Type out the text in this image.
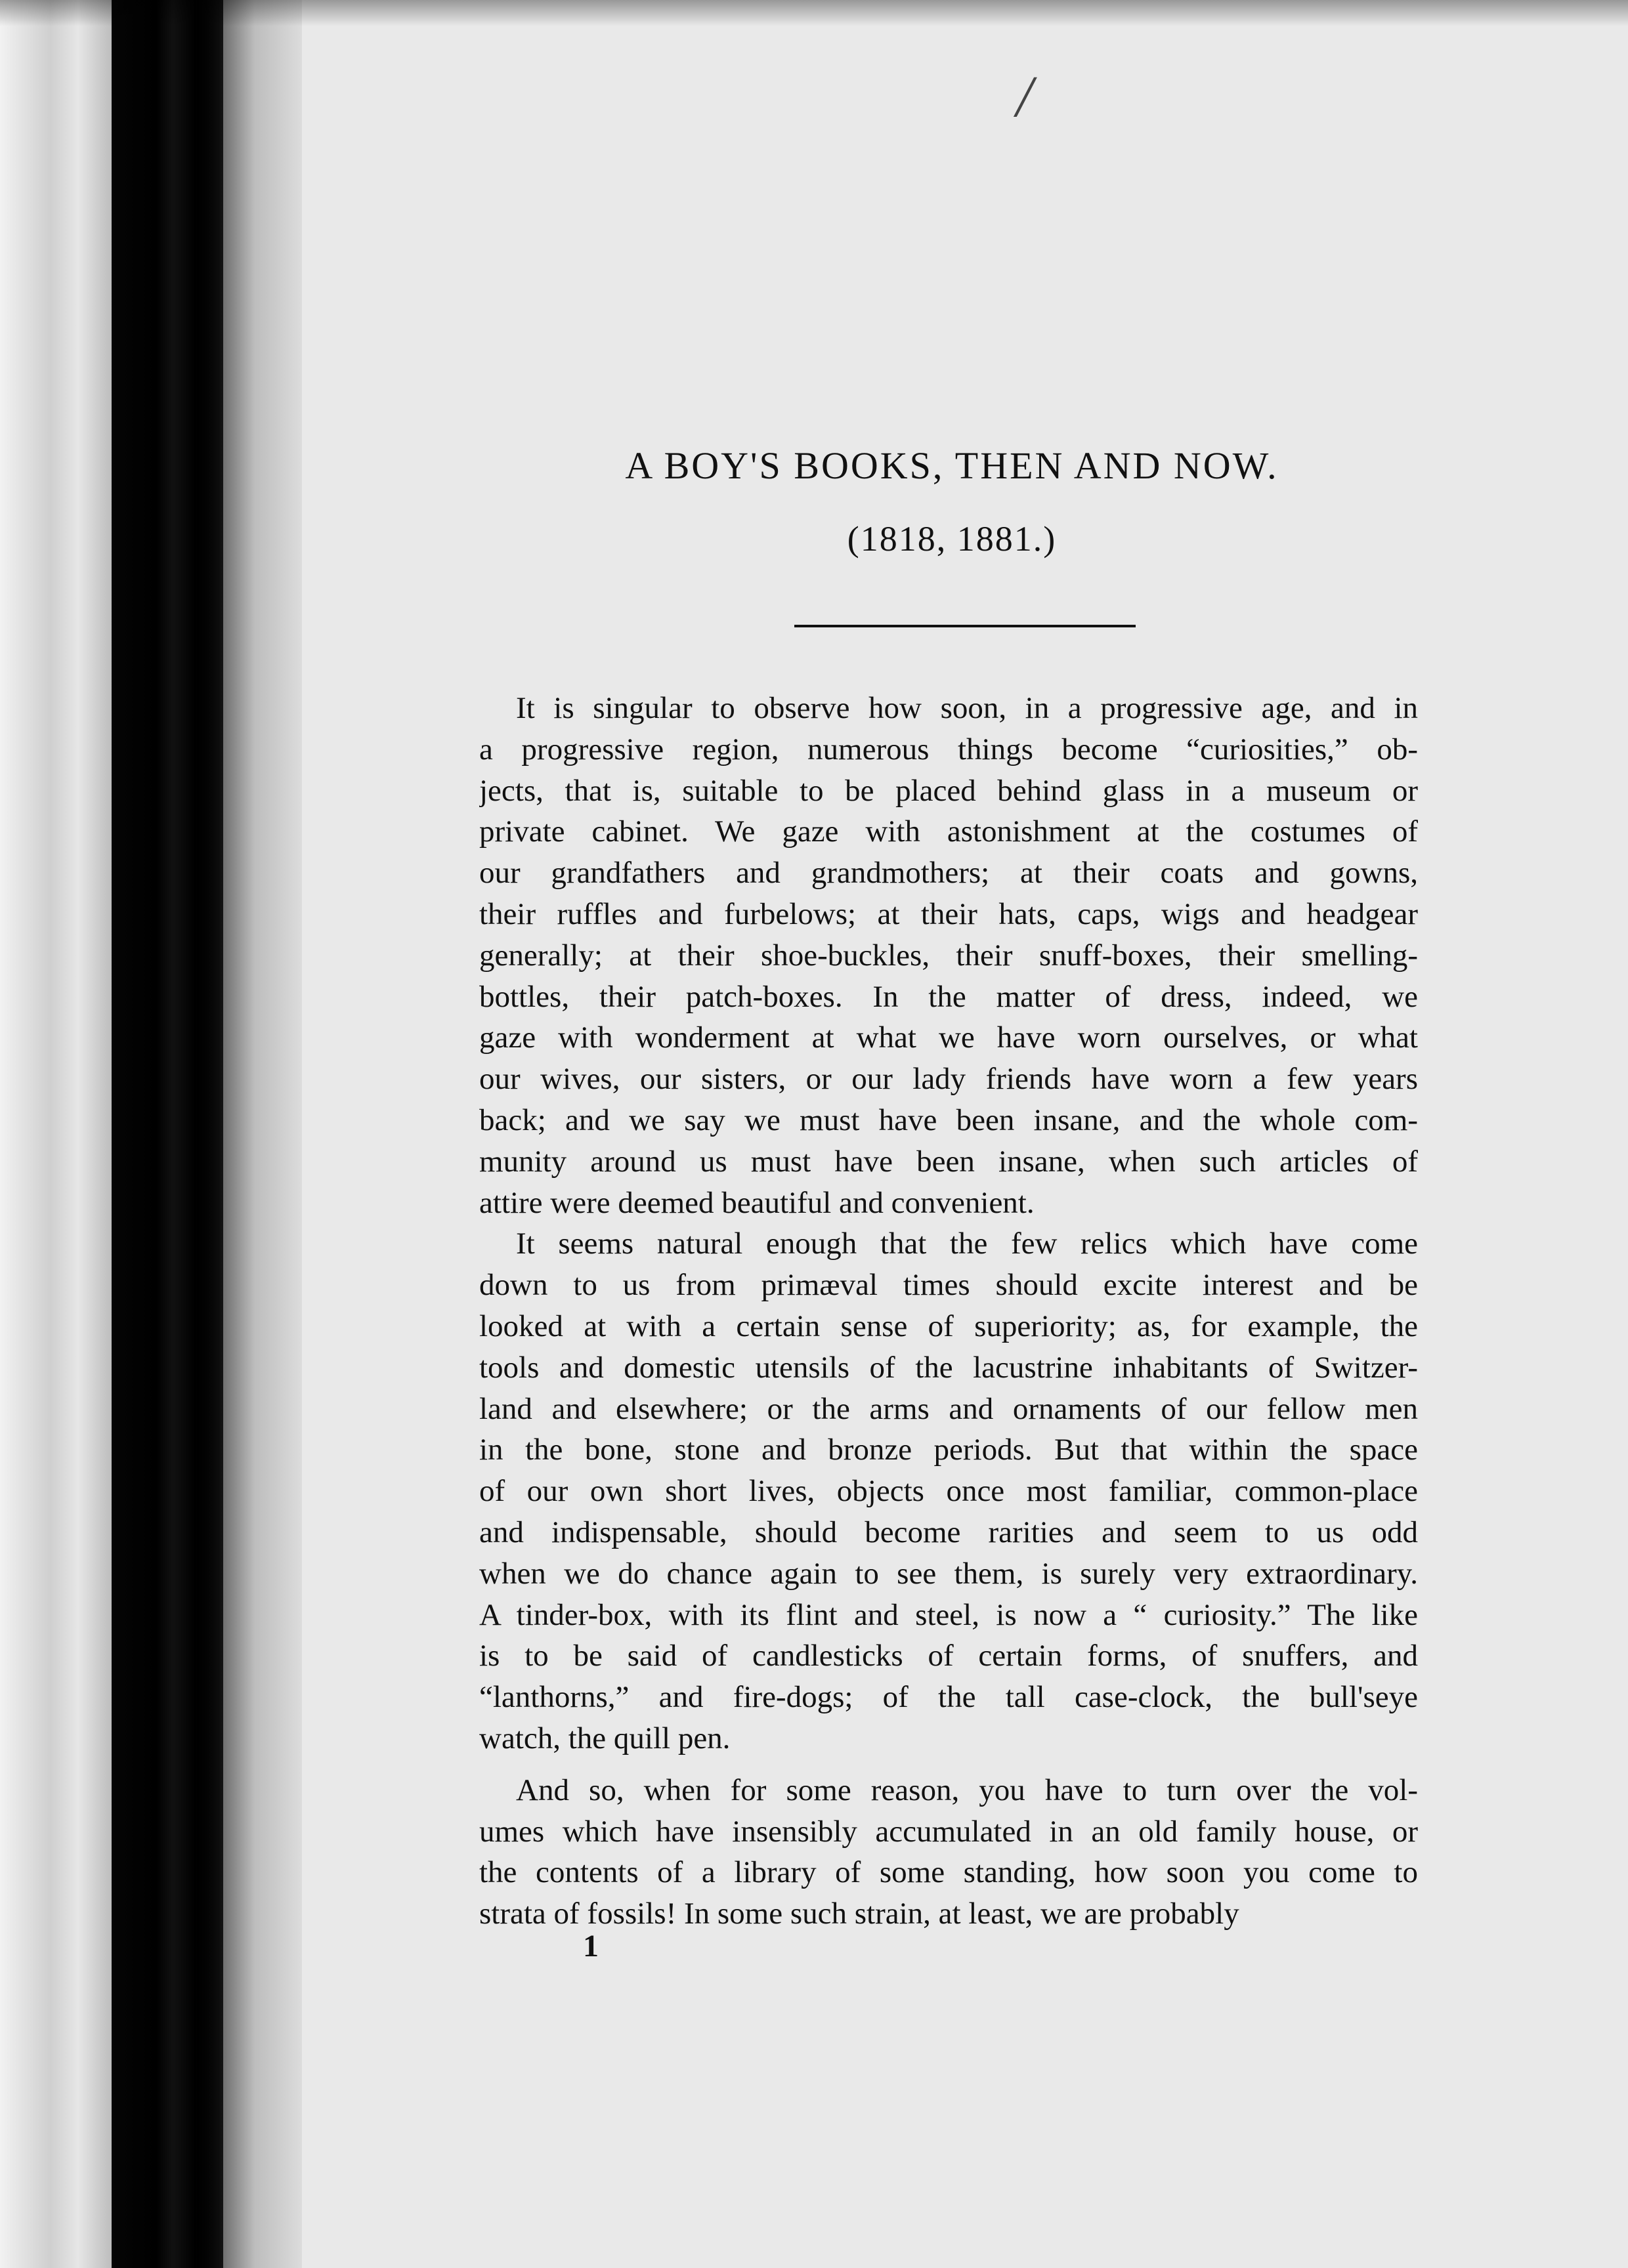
/
A BOY'S BOOKS, THEN AND NOW.
(1818, 1881.)
It is singular to observe how soon, in a progressive age, and in
a progressive region, numerous things become “curiosities,” ob-
jects, that is, suitable to be placed behind glass in a museum or
private cabinet. We gaze with astonishment at the costumes of
our grandfathers and grandmothers; at their coats and gowns,
their ruffles and furbelows; at their hats, caps, wigs and headgear
generally; at their shoe-buckles, their snuff-boxes, their smelling-
bottles, their patch-boxes. In the matter of dress, indeed, we
gaze with wonderment at what we have worn ourselves, or what
our wives, our sisters, or our lady friends have worn a few years
back; and we say we must have been insane, and the whole com-
munity around us must have been insane, when such articles of
attire were deemed beautiful and convenient.
It seems natural enough that the few relics which have come
down to us from primæval times should excite interest and be
looked at with a certain sense of superiority; as, for example, the
tools and domestic utensils of the lacustrine inhabitants of Switzer-
land and elsewhere; or the arms and ornaments of our fellow men
in the bone, stone and bronze periods. But that within the space
of our own short lives, objects once most familiar, common-place
and indispensable, should become rarities and seem to us odd
when we do chance again to see them, is surely very extraordinary.
A tinder-box, with its flint and steel, is now a “ curiosity.” The like
is to be said of candlesticks of certain forms, of snuffers, and
“lanthorns,” and fire-dogs; of the tall case-clock, the bull'seye
watch, the quill pen.
And so, when for some reason, you have to turn over the vol-
umes which have insensibly accumulated in an old family house, or
the contents of a library of some standing, how soon you come to
strata of fossils! In some such strain, at least, we are probably
1
